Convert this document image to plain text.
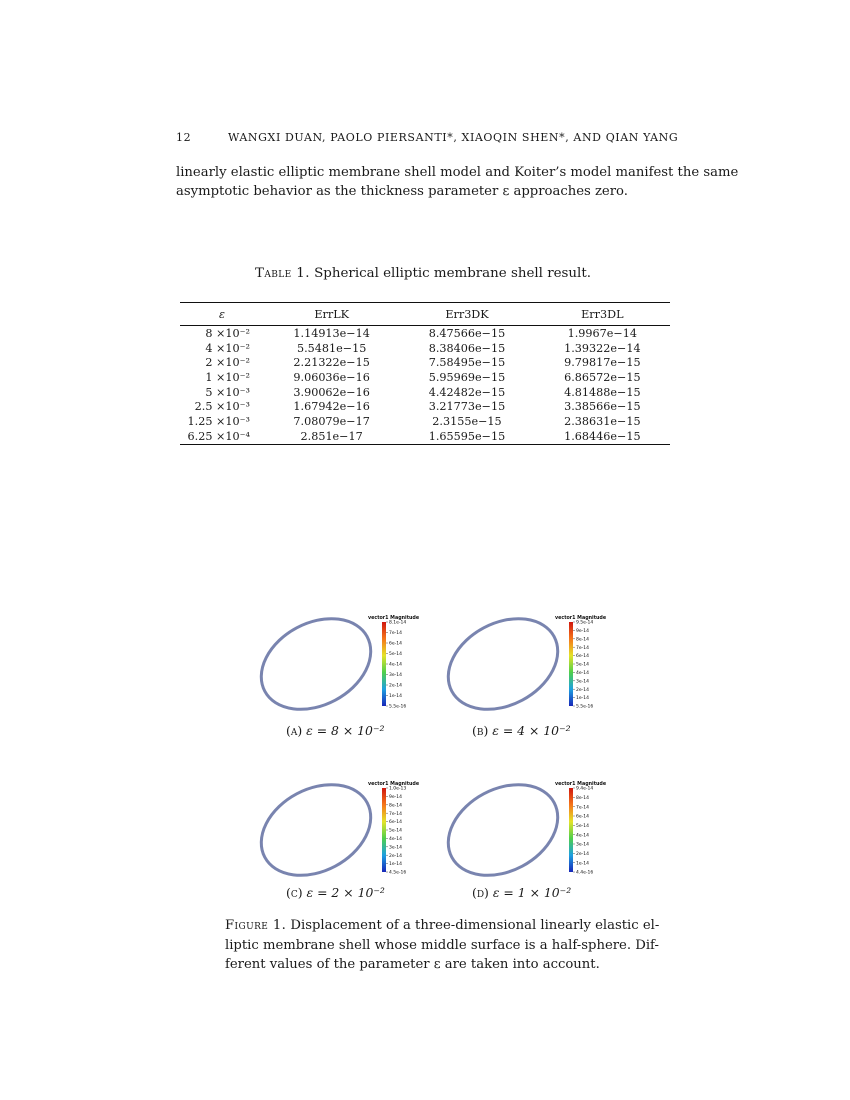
12	WANGXI DUAN, PAOLO PIERSANTI*, XIAOQIN SHEN*, AND QIAN YANG

linearly elastic elliptic membrane shell model and Koiter’s model manifest the same

asymptotic behavior as the thickness parameter ε approaches zero.

Table 1. Spherical elliptic membrane shell result.
ε	ErrLK	Err3DK	Err3DL
8 ×10⁻²	1.14913e−14	8.47566e−15	1.9967e−14
4 ×10⁻²	5.5481e−15	8.38406e−15	1.39322e−14
2 ×10⁻²	2.21322e−15	7.58495e−15	9.79817e−15
1 ×10⁻²	9.06036e−16	5.95969e−15	6.86572e−15
5 ×10⁻³	3.90062e−16	4.42482e−15	4.81488e−15
2.5 ×10⁻³	1.67942e−16	3.21773e−15	3.38566e−15
1.25 ×10⁻³	7.08079e−17	2.3155e−15	2.38631e−15
6.25 ×10⁻⁴	2.851e−17	1.65595e−15	1.68446e−15
vector1 Magnitude
8.1e-14
7e-14
6e-14
5e-14
4e-14
3e-14
2e-14
1e-14
5.5e-16
vector1 Magnitude
9.5e-14
9e-14
8e-14
7e-14
6e-14
5e-14
4e-14
3e-14
2e-14
1e-14
5.5e-16
vector1 Magnitude
1.0e-13
9e-14
8e-14
7e-14
6e-14
5e-14
4e-14
3e-14
2e-14
1e-14
4.5e-16
vector1 Magnitude
9.4e-14
8e-14
7e-14
6e-14
5e-14
4e-14
3e-14
2e-14
1e-14
4.4e-16
(a) ε = 8 × 10⁻²	(b) ε = 4 × 10⁻²
(c) ε = 2 × 10⁻²	(d) ε = 1 × 10⁻²

Figure 1. Displacement of a three-dimensional linearly elastic el-

liptic membrane shell whose middle surface is a half-sphere. Dif-

ferent values of the parameter ε are taken into account.
